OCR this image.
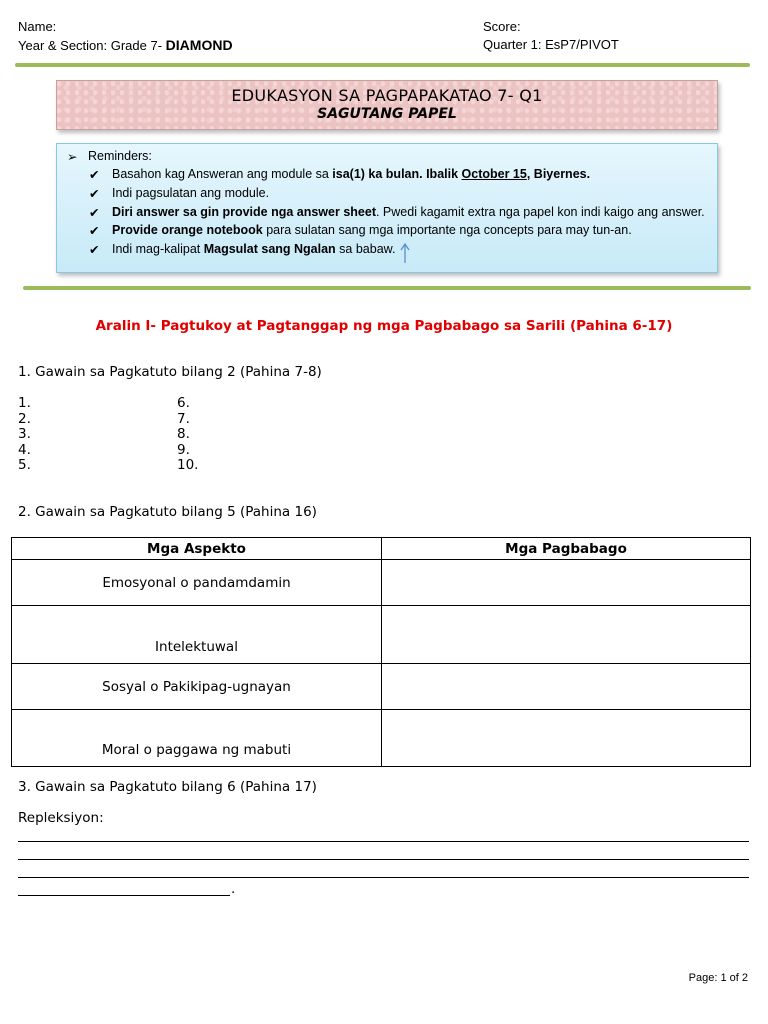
Name:
Year & Section: Grade 7- DIAMOND
Score:
Quarter 1: EsP7/PIVOT
EDUKASYON SA PAGPAPAKATAO 7- Q1
SAGUTANG PAPEL
➢ Reminders:
✔ Basahon kag Answeran ang module sa isa(1) ka bulan. Ibalik October 15, Biyernes.
✔ Indi pagsulatan ang module.
✔ Diri answer sa gin provide nga answer sheet. Pwedi kagamit extra nga papel kon indi kaigo ang answer.
✔ Provide orange notebook para sulatan sang mga importante nga concepts para may tun-an.
✔ Indi mag-kalipat Magsulat sang Ngalan sa babaw.
Aralin I- Pagtukoy at Pagtanggap ng mga Pagbabago sa Sarili (Pahina 6-17)
1. Gawain sa Pagkatuto bilang 2 (Pahina 7-8)
1.
2.
3.
4.
5.
6.
7.
8.
9.
10.
2. Gawain sa Pagkatuto bilang 5 (Pahina 16)
Mga Aspekto	Mga Pagbabago
Emosyonal o pandamdamin	
Intelektuwal	
Sosyal o Pakikipag-ugnayan	
Moral o paggawa ng mabuti	
3. Gawain sa Pagkatuto bilang 6 (Pahina 17)
Repleksiyon:
.
Page: 1 of 2
